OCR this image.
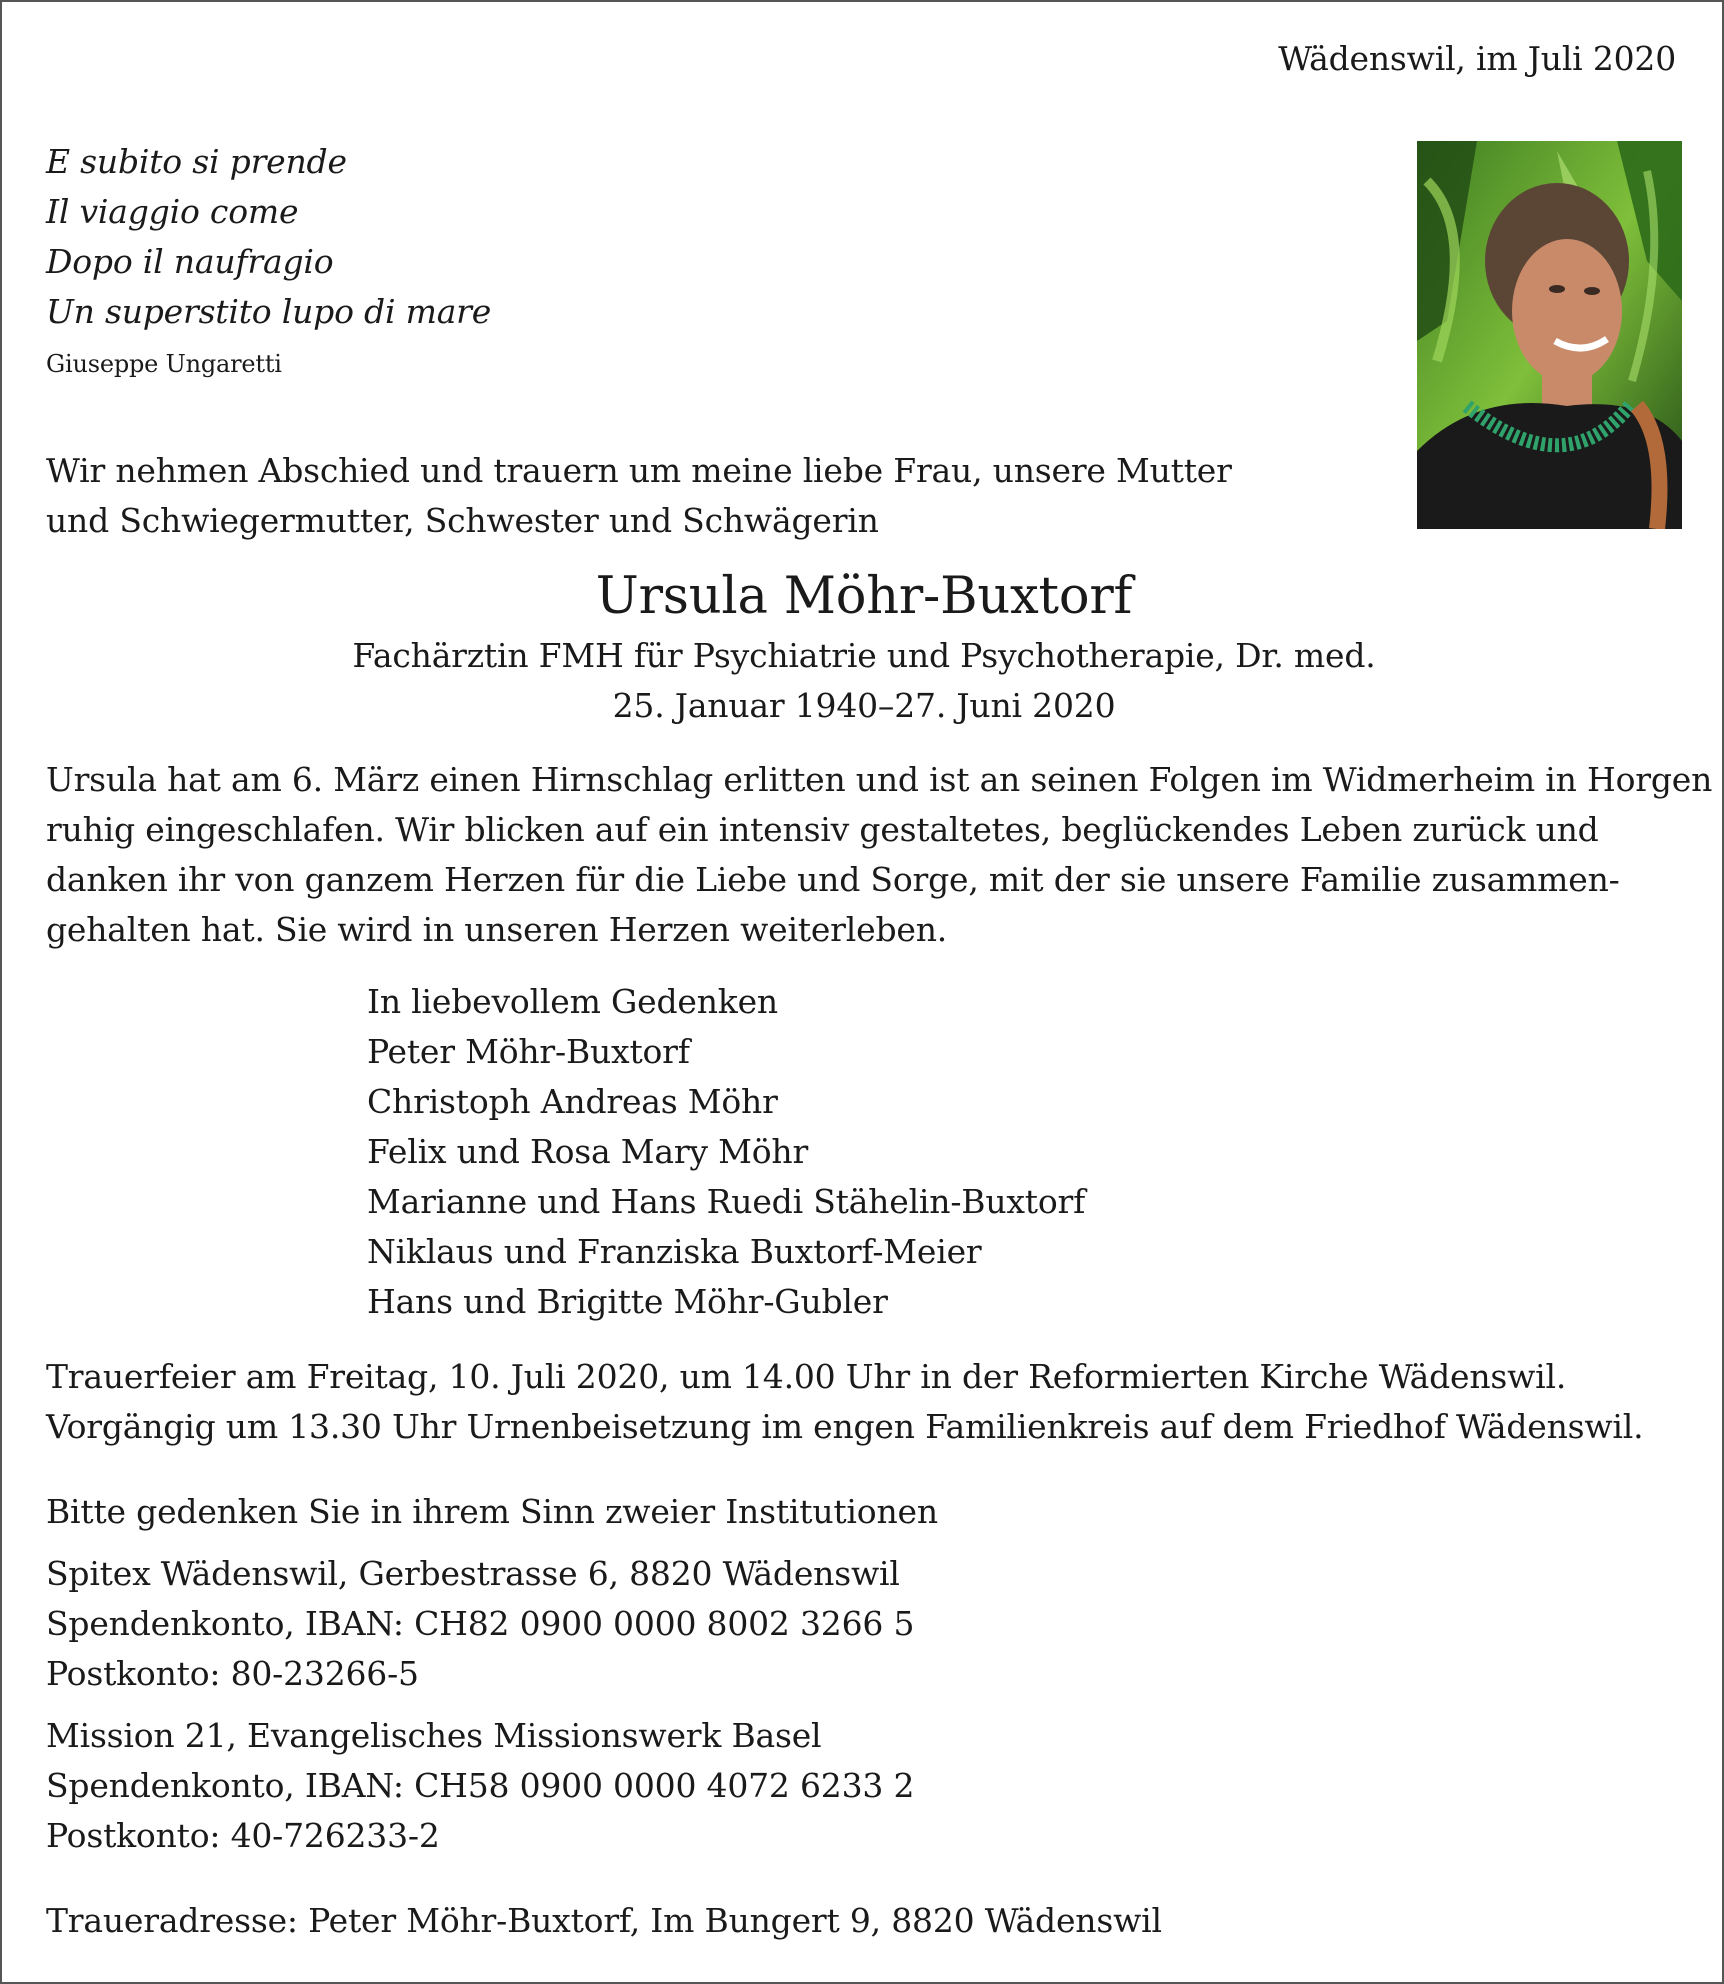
Wädenswil, im Juli 2020
E subito si prende
Il viaggio come
Dopo il naufragio
Un superstito lupo di mare
Giuseppe Ungaretti
Wir nehmen Abschied und trauern um meine liebe Frau, unsere Mutter
und Schwiegermutter, Schwester und Schwägerin
Ursula Möhr-Buxtorf
Fachärztin FMH für Psychiatrie und Psychotherapie, Dr. med.
25. Januar 1940–27. Juni 2020
Ursula hat am 6. März einen Hirnschlag erlitten und ist an seinen Folgen im Widmerheim in Horgen
ruhig eingeschlafen. Wir blicken auf ein intensiv gestaltetes, beglückendes Leben zurück und
danken ihr von ganzem Herzen für die Liebe und Sorge, mit der sie unsere Familie zusammen-
gehalten hat. Sie wird in unseren Herzen weiterleben.
In liebevollem Gedenken
Peter Möhr-Buxtorf
Christoph Andreas Möhr
Felix und Rosa Mary Möhr
Marianne und Hans Ruedi Stähelin-Buxtorf
Niklaus und Franziska Buxtorf-Meier
Hans und Brigitte Möhr-Gubler
Trauerfeier am Freitag, 10. Juli 2020, um 14.00 Uhr in der Reformierten Kirche Wädenswil.
Vorgängig um 13.30 Uhr Urnenbeisetzung im engen Familienkreis auf dem Friedhof Wädenswil.
Bitte gedenken Sie in ihrem Sinn zweier Institutionen
Spitex Wädenswil, Gerbestrasse 6, 8820 Wädenswil
Spendenkonto, IBAN: CH82 0900 0000 8002 3266 5
Postkonto: 80-23266-5
Mission 21, Evangelisches Missionswerk Basel
Spendenkonto, IBAN: CH58 0900 0000 4072 6233 2
Postkonto: 40-726233-2
Traueradresse: Peter Möhr-Buxtorf, Im Bungert 9, 8820 Wädenswil
